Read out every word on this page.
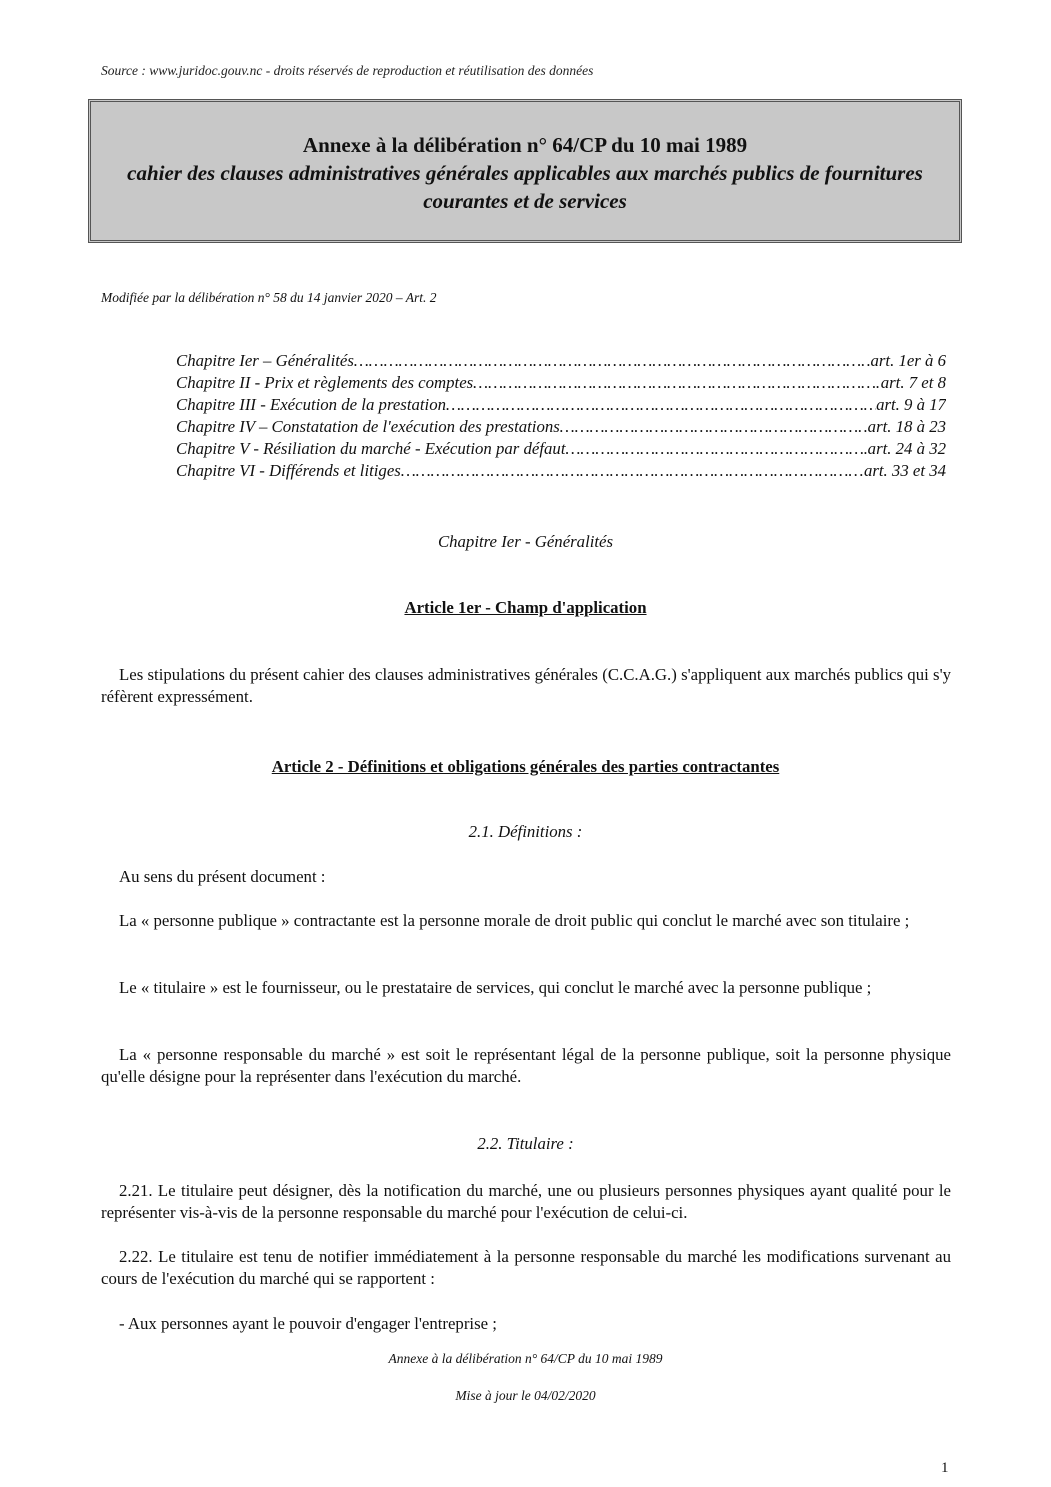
Source : www.juridoc.gouv.nc - droits réservés de reproduction et réutilisation des données
Annexe à la délibération n° 64/CP du 10 mai 1989
cahier des clauses administratives générales applicables aux marchés publics de fournitures courantes et de services
Modifiée par la délibération n° 58 du 14 janvier 2020 – Art. 2
Chapitre Ier – Généralités ……………………………………………………………………………………………………………………………………	art. 1er à 6
Chapitre II - Prix et règlements des comptes ……………………………………………………………………………………………………………………………………	art. 7 et 8
Chapitre III - Exécution de la prestation ……………………………………………………………………………………………………………………………………	art. 9 à 17
Chapitre IV – Constatation de l'exécution des prestations ……………………………………………………………………………………………………………………………………	art. 18 à 23
Chapitre V - Résiliation du marché - Exécution par défaut ……………………………………………………………………………………………………………………………………	art. 24 à 32
Chapitre VI - Différends et litiges ……………………………………………………………………………………………………………………………………	art. 33 et 34
Chapitre Ier - Généralités
Article 1er - Champ d'application

Les stipulations du présent cahier des clauses administratives générales (C.C.A.G.) s'appliquent aux marchés publics qui s'y réfèrent expressément.

Article 2 - Définitions et obligations générales des parties contractantes
2.1. Définitions :

Au sens du présent document :

La « personne publique » contractante est la personne morale de droit public qui conclut le marché avec son titulaire ;

Le « titulaire » est le fournisseur, ou le prestataire de services, qui conclut le marché avec la personne publique ;

La « personne responsable du marché » est soit le représentant légal de la personne publique, soit la personne physique qu'elle désigne pour la représenter dans l'exécution du marché.

2.2. Titulaire :

2.21. Le titulaire peut désigner, dès la notification du marché, une ou plusieurs personnes physiques ayant qualité pour le représenter vis-à-vis de la personne responsable du marché pour l'exécution de celui-ci.

2.22. Le titulaire est tenu de notifier immédiatement à la personne responsable du marché les modifications survenant au cours de l'exécution du marché qui se rapportent :

- Aux personnes ayant le pouvoir d'engager l'entreprise ;

Annexe à la délibération n° 64/CP du 10 mai 1989
Mise à jour le 04/02/2020
1
